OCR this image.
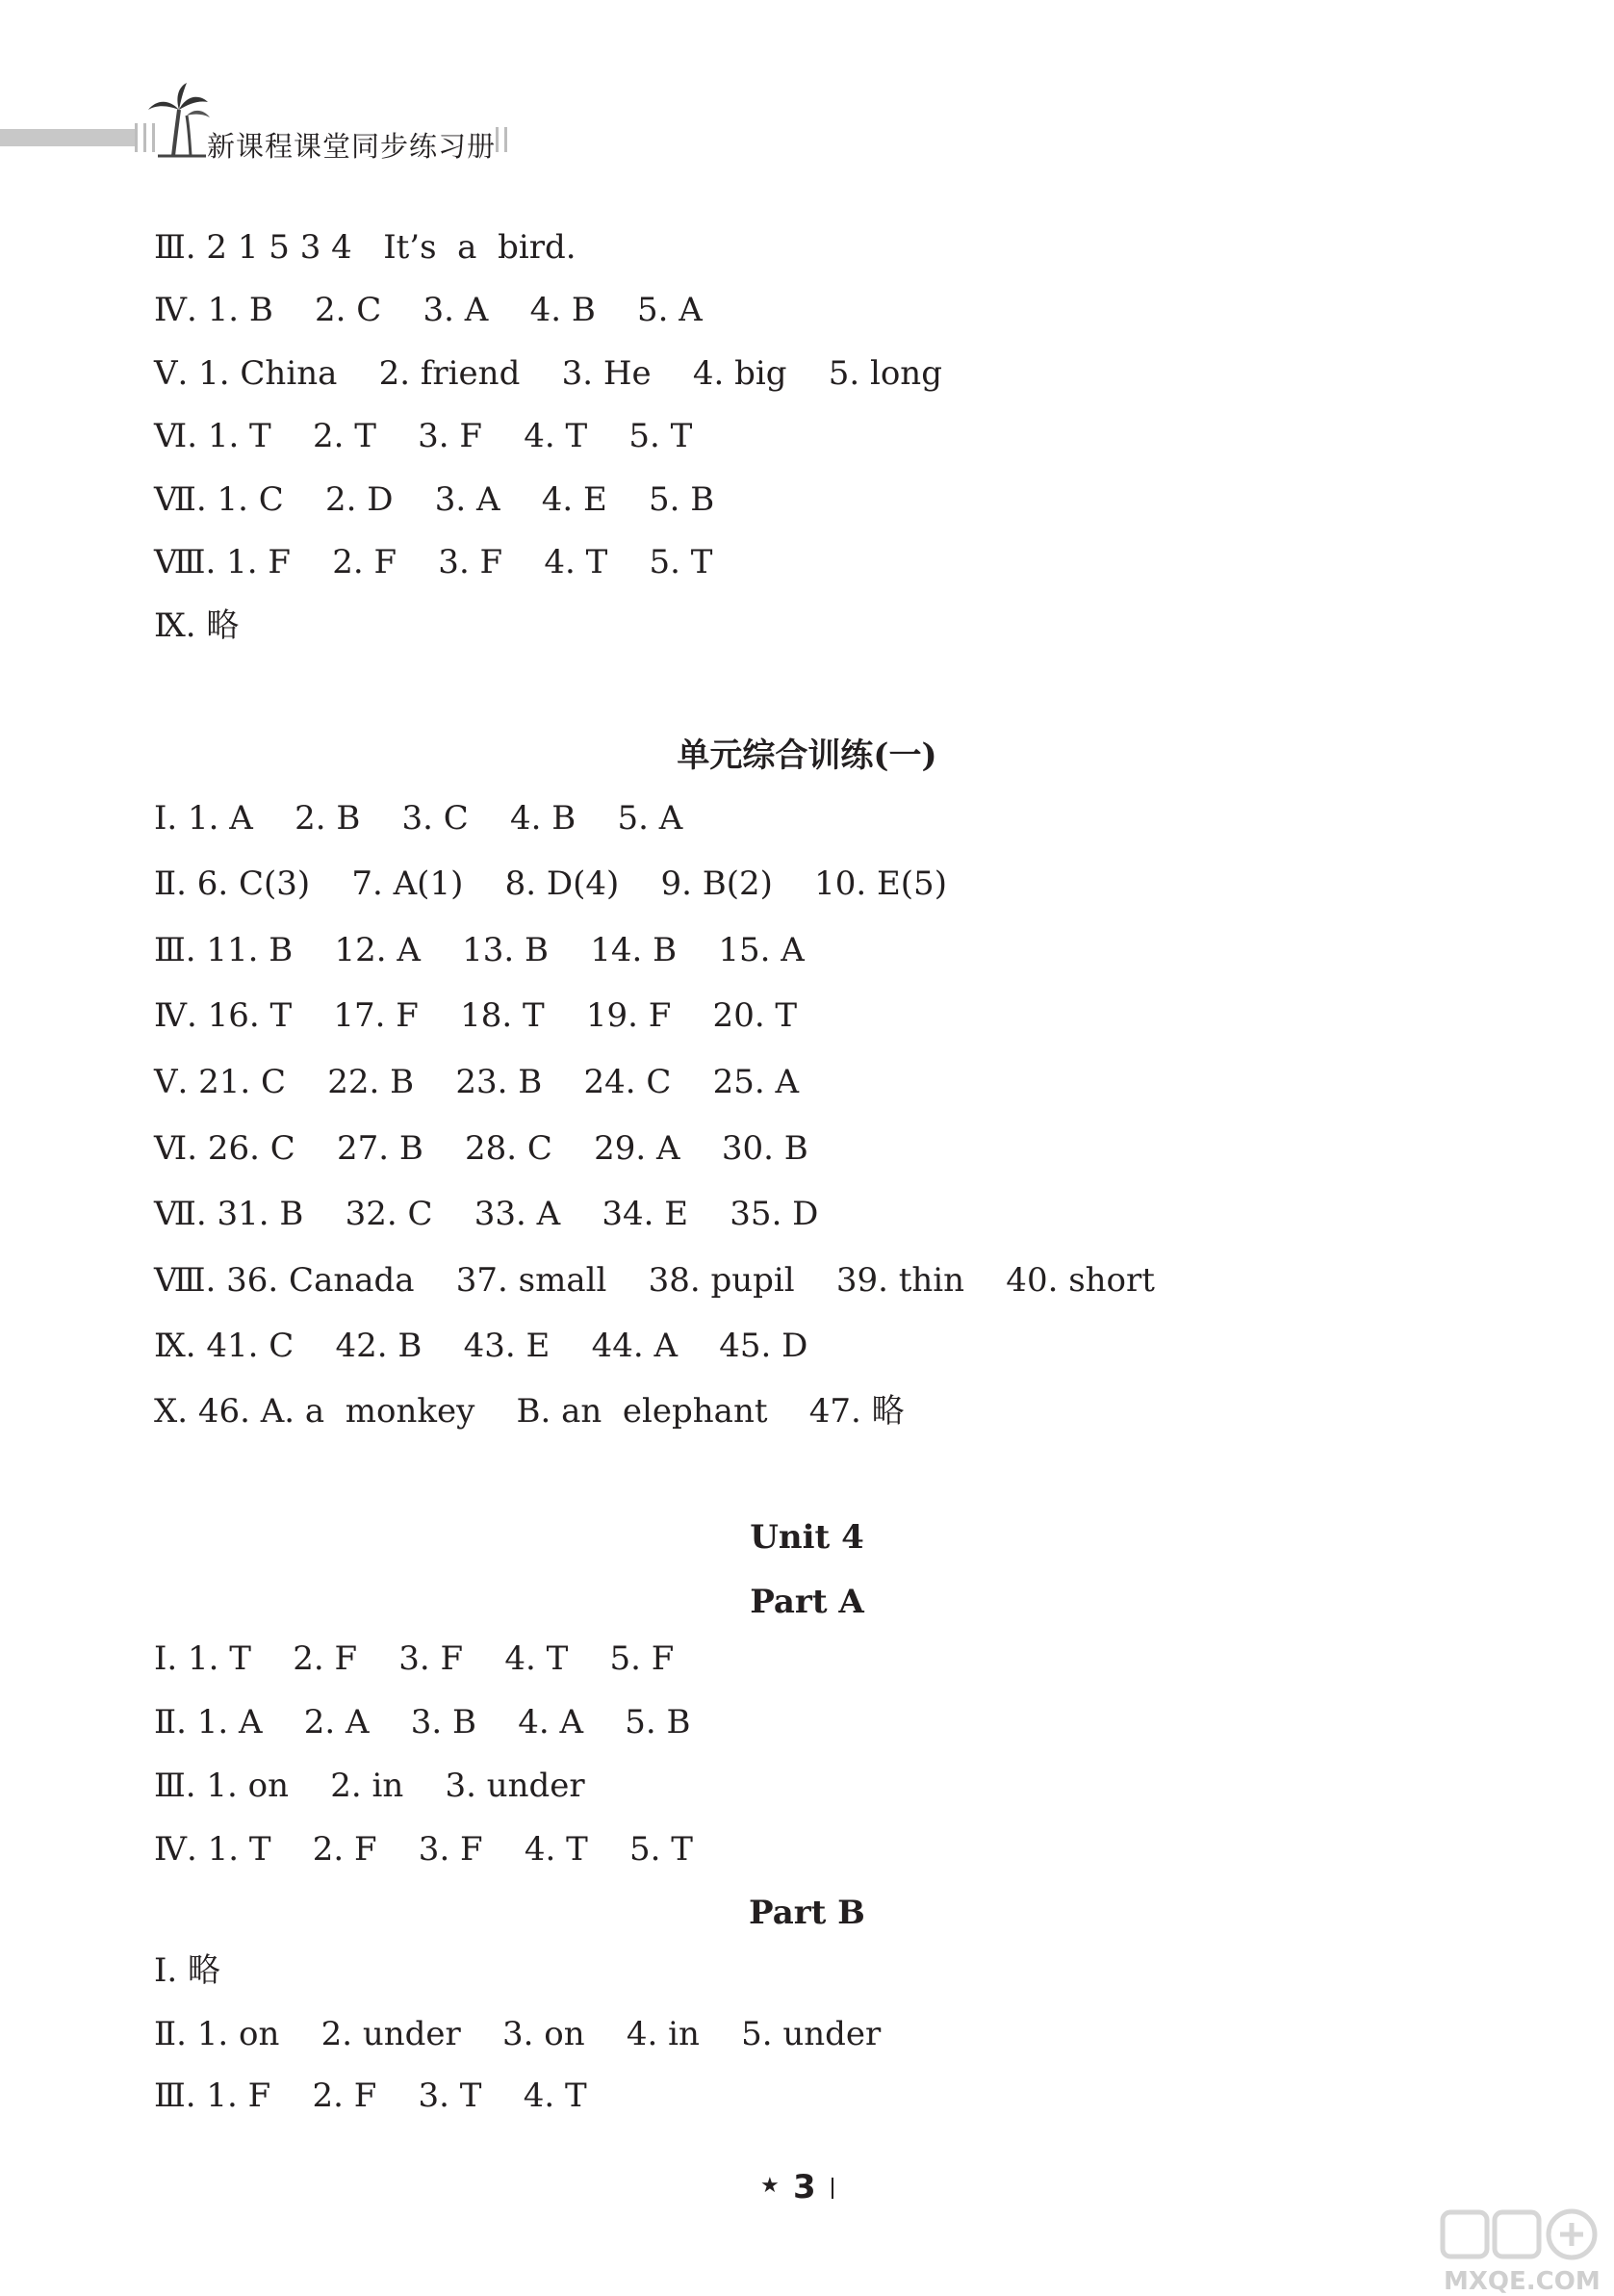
新课程课堂同步练习册
Ⅲ. 2 1 5 3 4   It’s  a  bird.
Ⅳ. 1. B    2. C    3. A    4. B    5. A
Ⅴ. 1. China    2. friend    3. He    4. big    5. long
Ⅵ. 1. T    2. T    3. F    4. T    5. T
Ⅶ. 1. C    2. D    3. A    4. E    5. B
Ⅷ. 1. F    2. F    3. F    4. T    5. T
Ⅸ. 略
单元综合训练(一)
Ⅰ. 1. A    2. B    3. C    4. B    5. A
Ⅱ. 6. C(3)    7. A(1)    8. D(4)    9. B(2)    10. E(5)
Ⅲ. 11. B    12. A    13. B    14. B    15. A
Ⅳ. 16. T    17. F    18. T    19. F    20. T
Ⅴ. 21. C    22. B    23. B    24. C    25. A
Ⅵ. 26. C    27. B    28. C    29. A    30. B
Ⅶ. 31. B    32. C    33. A    34. E    35. D
Ⅷ. 36. Canada    37. small    38. pupil    39. thin    40. short
Ⅸ. 41. C    42. B    43. E    44. A    45. D
Ⅹ. 46. A. a  monkey    B. an  elephant    47. 略
Unit 4
Part A
Ⅰ. 1. T    2. F    3. F    4. T    5. F
Ⅱ. 1. A    2. A    3. B    4. A    5. B
Ⅲ. 1. on    2. in    3. under
Ⅳ. 1. T    2. F    3. F    4. T    5. T
Part B
Ⅰ. 略
Ⅱ. 1. on    2. under    3. on    4. in    5. under
Ⅲ. 1. F    2. F    3. T    4. T
★ 3
MXQE.COM
